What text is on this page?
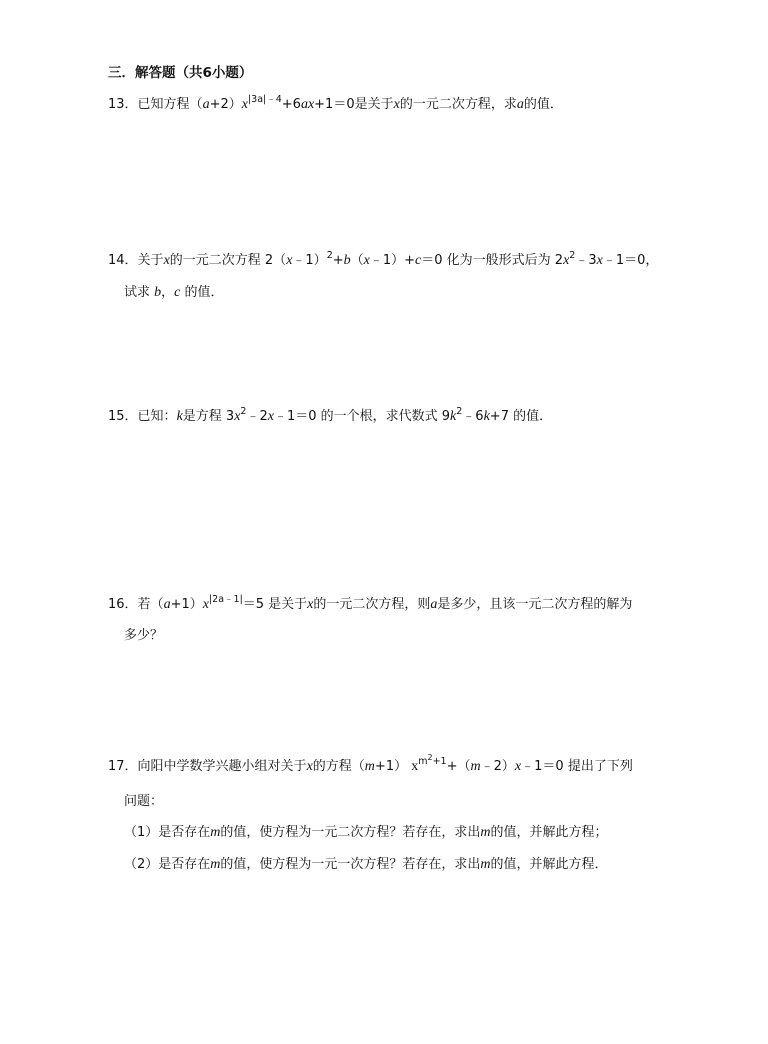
三．解答题（共6小题）
13．已知方程$(a+2)x^{|3a|﹣4}+6ax+1=0$是关于x的一元二次方程，求a的值．
14．关于x的一元二次方程 2（x﹣1）$^2$+b（x﹣1）+c＝0 化为一般形式后为 $2x^2﹣3x﹣1=0$，
试求 b，c 的值．
15．已知：k是方程 $3x^2﹣2x﹣1=0$ 的一个根，求代数式 $9k^2﹣6k+7$ 的值．
16．若$(a+1)x^{|2a﹣1|}=5$ 是关于x的一元二次方程，则a是多少，且该一元二次方程的解为
多少？
17．向阳中学数学兴趣小组对关于x的方程（m+1） $x^{m^2+1}+(m﹣2)x﹣1=0$ 提出了下列
问题：
（1）是否存在m的值，使方程为一元二次方程？若存在，求出m的值，并解此方程；
（2）是否存在m的值，使方程为一元一次方程？若存在，求出m的值，并解此方程．
